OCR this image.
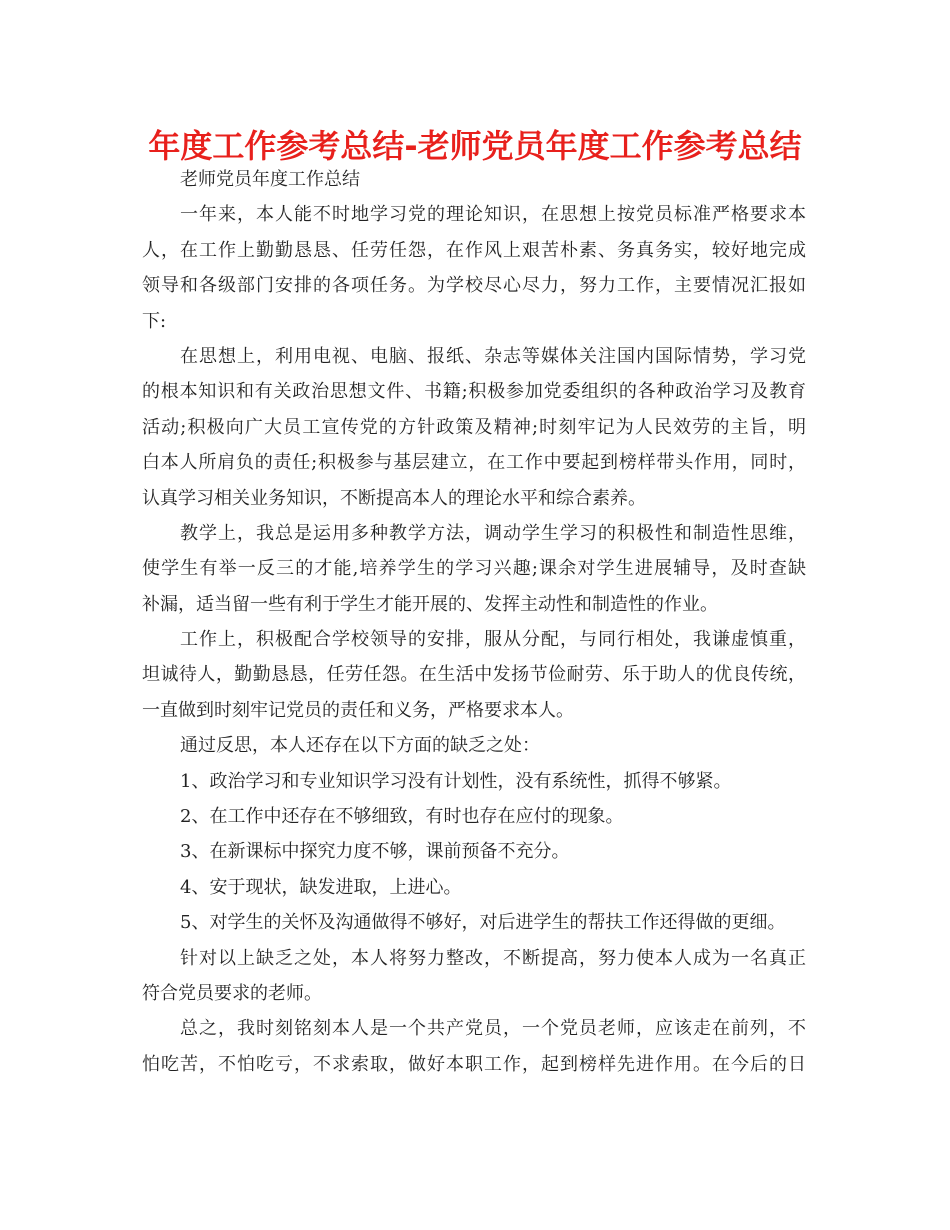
年度工作参考总结-老师党员年度工作参考总结
老师党员年度工作总结
一年来，本人能不时地学习党的理论知识，在思想上按党员标准严格要求本
人，在工作上勤勤恳恳、任劳任怨，在作风上艰苦朴素、务真务实，较好地完成
领导和各级部门安排的各项任务。为学校尽心尽力，努力工作，主要情况汇报如
下:
在思想上，利用电视、电脑、报纸、杂志等媒体关注国内国际情势，学习党
的根本知识和有关政治思想文件、书籍;积极参加党委组织的各种政治学习及教育
活动;积极向广大员工宣传党的方针政策及精神;时刻牢记为人民效劳的主旨，明
白本人所肩负的责任;积极参与基层建立，在工作中要起到榜样带头作用，同时，
认真学习相关业务知识，不断提高本人的理论水平和综合素养。
教学上，我总是运用多种教学方法，调动学生学习的积极性和制造性思维，
使学生有举一反三的才能,培养学生的学习兴趣;课余对学生进展辅导，及时查缺
补漏，适当留一些有利于学生才能开展的、发挥主动性和制造性的作业。
工作上，积极配合学校领导的安排，服从分配，与同行相处，我谦虚慎重，
坦诚待人，勤勤恳恳，任劳任怨。在生活中发扬节俭耐劳、乐于助人的优良传统，
一直做到时刻牢记党员的责任和义务，严格要求本人。
通过反思，本人还存在以下方面的缺乏之处：
1、政治学习和专业知识学习没有计划性，没有系统性，抓得不够紧。
2、在工作中还存在不够细致，有时也存在应付的现象。
3、在新课标中探究力度不够，课前预备不充分。
4、安于现状，缺发进取，上进心。
5、对学生的关怀及沟通做得不够好，对后进学生的帮扶工作还得做的更细。
针对以上缺乏之处，本人将努力整改，不断提高，努力使本人成为一名真正
符合党员要求的老师。
总之，我时刻铭刻本人是一个共产党员，一个党员老师，应该走在前列，不
怕吃苦，不怕吃亏，不求索取，做好本职工作，起到榜样先进作用。在今后的日
